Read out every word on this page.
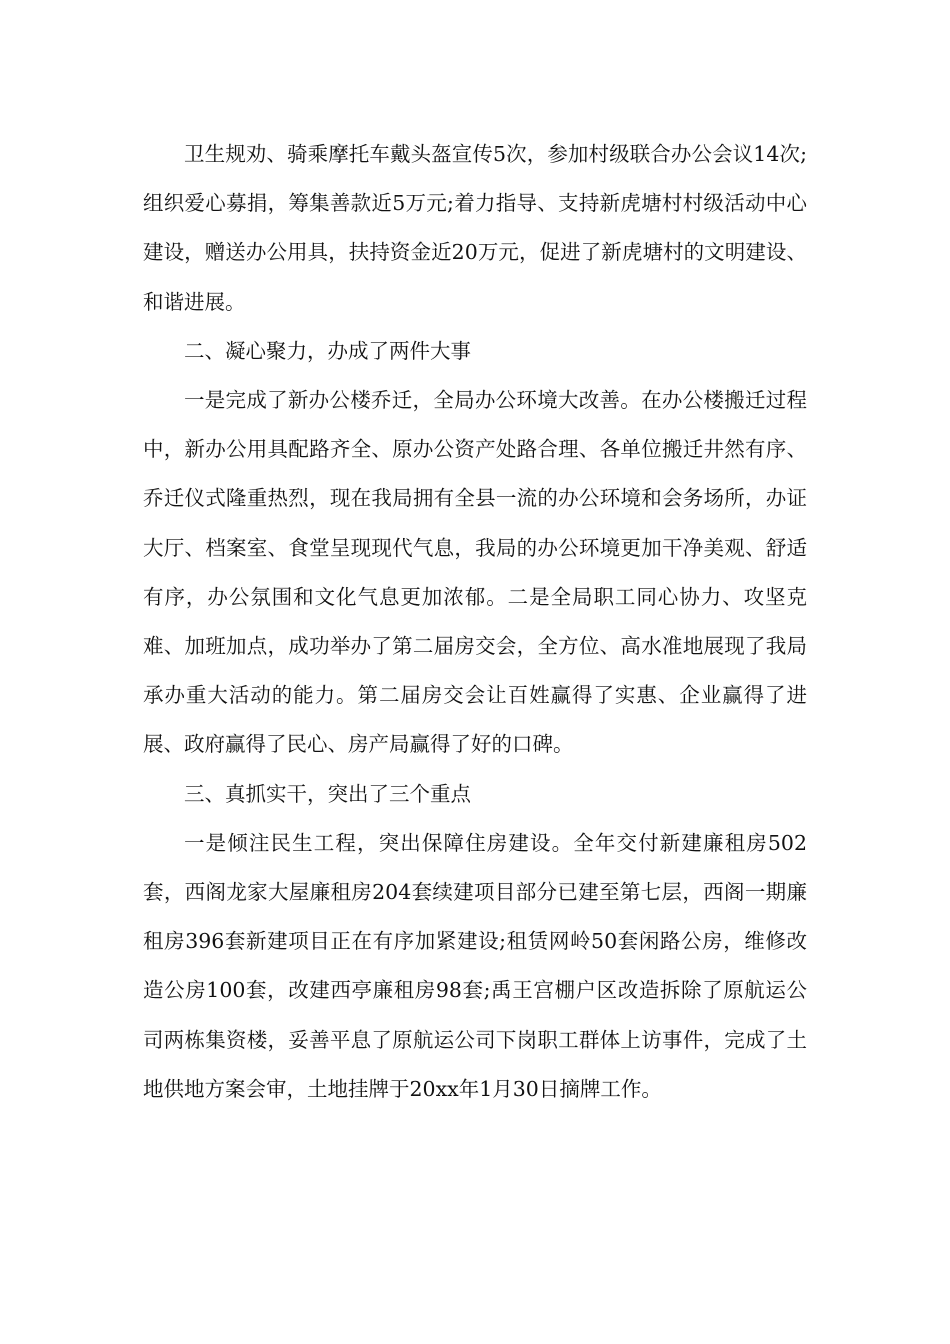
卫生规劝、骑乘摩托车戴头盔宣传5次，参加村级联合办公会议14次;组织爱心募捐，筹集善款近5万元;着力指导、支持新虎塘村村级活动中心建设，赠送办公用具，扶持资金近20万元，促进了新虎塘村的文明建设、和谐进展。

二、凝心聚力，办成了两件大事

一是完成了新办公楼乔迁，全局办公环境大改善。在办公楼搬迁过程中，新办公用具配路齐全、原办公资产处路合理、各单位搬迁井然有序、乔迁仪式隆重热烈，现在我局拥有全县一流的办公环境和会务场所，办证大厅、档案室、食堂呈现现代气息，我局的办公环境更加干净美观、舒适有序，办公氛围和文化气息更加浓郁。二是全局职工同心协力、攻坚克难、加班加点，成功举办了第二届房交会，全方位、高水准地展现了我局承办重大活动的能力。第二届房交会让百姓赢得了实惠、企业赢得了进展、政府赢得了民心、房产局赢得了好的口碑。

三、真抓实干，突出了三个重点

一是倾注民生工程，突出保障住房建设。全年交付新建廉租房502套，西阁龙家大屋廉租房204套续建项目部分已建至第七层，西阁一期廉租房396套新建项目正在有序加紧建设;租赁网岭50套闲路公房，维修改造公房100套，改建西亭廉租房98套;禹王宫棚户区改造拆除了原航运公司两栋集资楼，妥善平息了原航运公司下岗职工群体上访事件，完成了土地供地方案会审，土地挂牌于20xx年1月30日摘牌工作。
